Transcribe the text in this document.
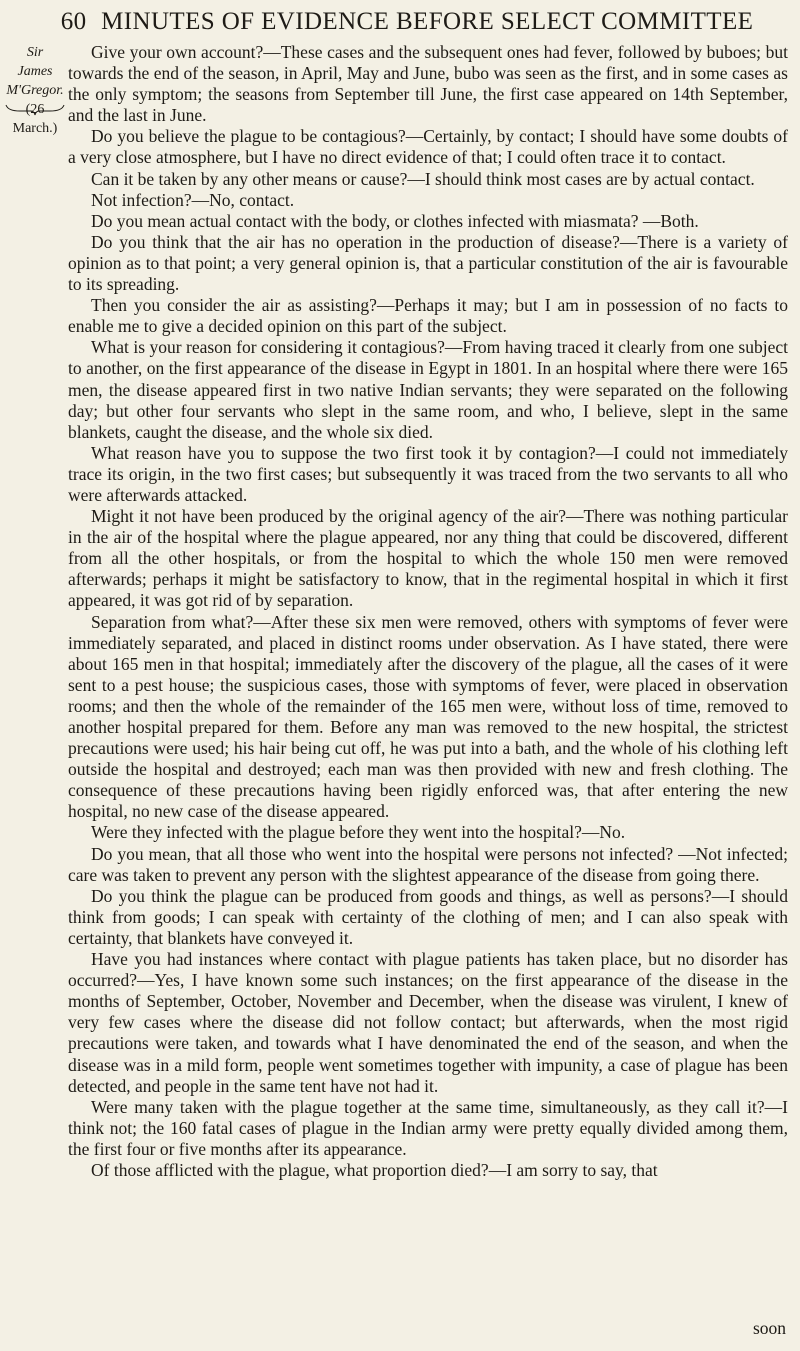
60 MINUTES OF EVIDENCE BEFORE SELECT COMMITTEE
Sir
James M'Gregor.
(26 March.)

Give your own account?—These cases and the subsequent ones had fever, followed by buboes; but towards the end of the season, in April, May and June, bubo was seen as the first, and in some cases as the only symptom; the seasons from September till June, the first case appeared on 14th September, and the last in June.

Do you believe the plague to be contagious?—Certainly, by contact; I should have some doubts of a very close atmosphere, but I have no direct evidence of that; I could often trace it to contact.

Can it be taken by any other means or cause?—I should think most cases are by actual contact.

Not infection?—No, contact.

Do you mean actual contact with the body, or clothes infected with miasmata? —Both.

Do you think that the air has no operation in the production of disease?—There is a variety of opinion as to that point; a very general opinion is, that a particular constitution of the air is favourable to its spreading.

Then you consider the air as assisting?—Perhaps it may; but I am in possession of no facts to enable me to give a decided opinion on this part of the subject.

What is your reason for considering it contagious?—From having traced it clearly from one subject to another, on the first appearance of the disease in Egypt in 1801. In an hospital where there were 165 men, the disease appeared first in two native Indian servants; they were separated on the following day; but other four servants who slept in the same room, and who, I believe, slept in the same blankets, caught the disease, and the whole six died.

What reason have you to suppose the two first took it by contagion?—I could not immediately trace its origin, in the two first cases; but subsequently it was traced from the two servants to all who were afterwards attacked.

Might it not have been produced by the original agency of the air?—There was nothing particular in the air of the hospital where the plague appeared, nor any thing that could be discovered, different from all the other hospitals, or from the hospital to which the whole 150 men were removed afterwards; perhaps it might be satisfactory to know, that in the regimental hospital in which it first appeared, it was got rid of by separation.

Separation from what?—After these six men were removed, others with symptoms of fever were immediately separated, and placed in distinct rooms under observation. As I have stated, there were about 165 men in that hospital; immediately after the discovery of the plague, all the cases of it were sent to a pest house; the suspicious cases, those with symptoms of fever, were placed in observation rooms; and then the whole of the remainder of the 165 men were, without loss of time, removed to another hospital prepared for them. Before any man was removed to the new hospital, the strictest precautions were used; his hair being cut off, he was put into a bath, and the whole of his clothing left outside the hospital and destroyed; each man was then provided with new and fresh clothing. The consequence of these precautions having been rigidly enforced was, that after entering the new hospital, no new case of the disease appeared.

Were they infected with the plague before they went into the hospital?—No.

Do you mean, that all those who went into the hospital were persons not infected? —Not infected; care was taken to prevent any person with the slightest appearance of the disease from going there.

Do you think the plague can be produced from goods and things, as well as persons?—I should think from goods; I can speak with certainty of the clothing of men; and I can also speak with certainty, that blankets have conveyed it.

Have you had instances where contact with plague patients has taken place, but no disorder has occurred?—Yes, I have known some such instances; on the first appearance of the disease in the months of September, October, November and December, when the disease was virulent, I knew of very few cases where the disease did not follow contact; but afterwards, when the most rigid precautions were taken, and towards what I have denominated the end of the season, and when the disease was in a mild form, people went sometimes together with impunity, a case of plague has been detected, and people in the same tent have not had it.

Were many taken with the plague together at the same time, simultaneously, as they call it?—I think not; the 160 fatal cases of plague in the Indian army were pretty equally divided among them, the first four or five months after its appearance.

Of those afflicted with the plague, what proportion died?—I am sorry to say, that

soon
